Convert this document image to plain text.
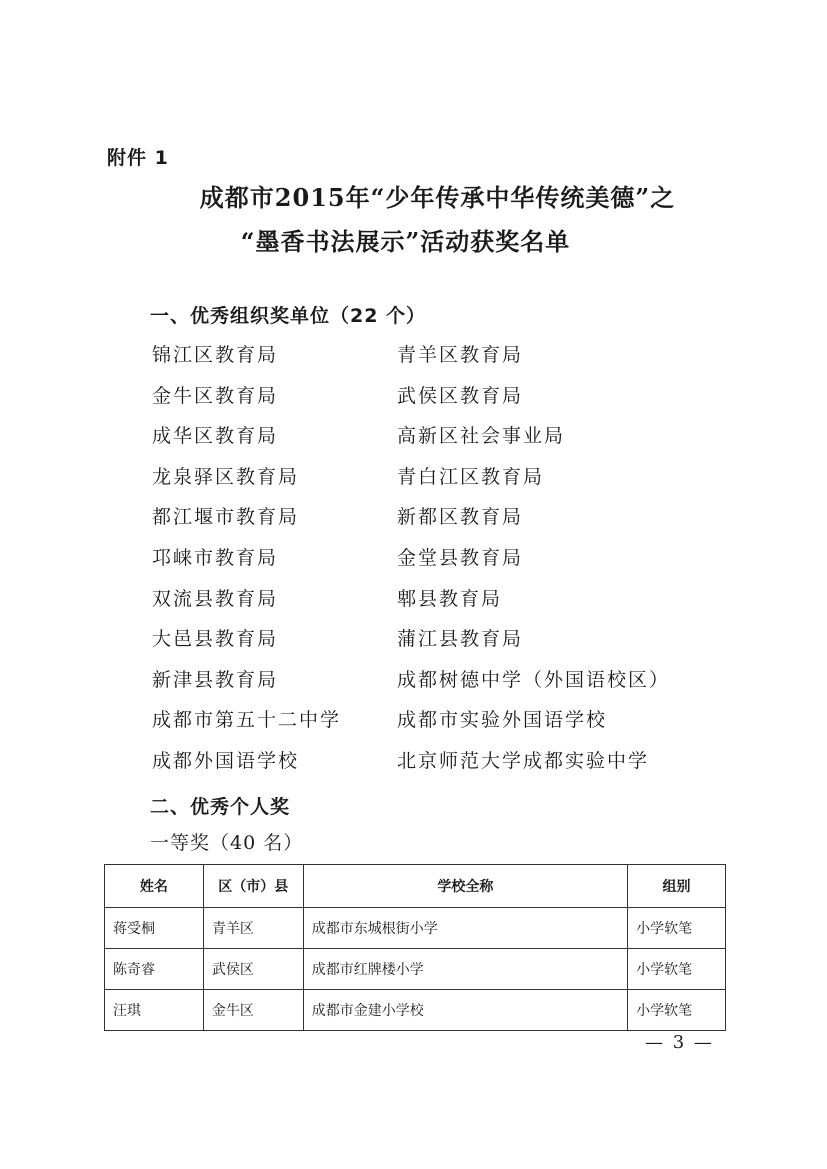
附件 1
成都市2015年“少年传承中华传统美德”之
“墨香书法展示”活动获奖名单
一、优秀组织奖单位（22 个）
锦江区教育局	青羊区教育局
金牛区教育局	武侯区教育局
成华区教育局	高新区社会事业局
龙泉驿区教育局	青白江区教育局
都江堰市教育局	新都区教育局
邛崃市教育局	金堂县教育局
双流县教育局	郫县教育局
大邑县教育局	蒲江县教育局
新津县教育局	成都树德中学（外国语校区）
成都市第五十二中学	成都市实验外国语学校
成都外国语学校	北京师范大学成都实验中学
二、优秀个人奖
一等奖（40 名）
姓名	区（市）县	学校全称	组别
蒋受桐	青羊区	成都市东城根街小学	小学软笔
陈奇睿	武侯区	成都市红牌楼小学	小学软笔
汪琪	金牛区	成都市金建小学校	小学软笔
— 3 —
